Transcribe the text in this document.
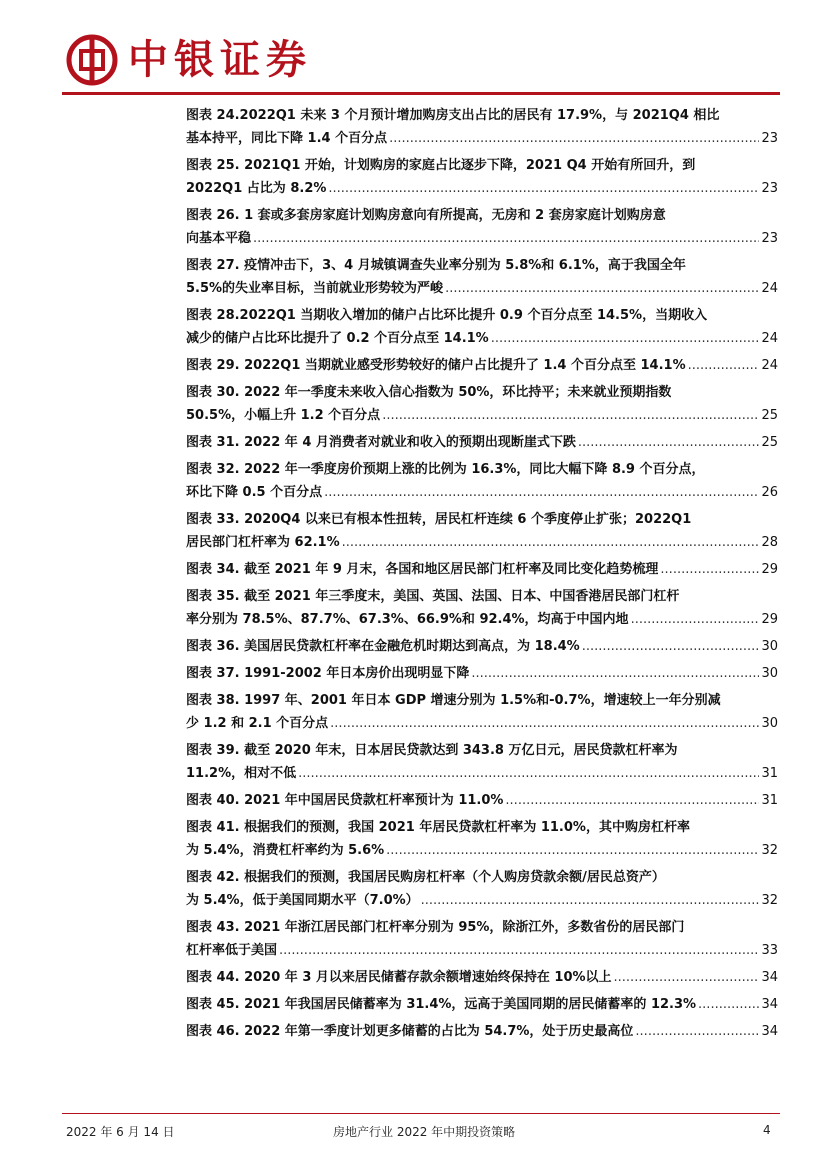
中银证券
图表 24.2022Q1 未来 3 个月预计增加购房支出占比的居民有 17.9%，与 2021Q4 相比
基本持平，同比下降 1.4 个百分点 .....	23
图表 25. 2021Q1 开始，计划购房的家庭占比逐步下降，2021 Q4 开始有所回升，到
2022Q1 占比为 8.2% .....	23
图表 26. 1 套或多套房家庭计划购房意向有所提高，无房和 2 套房家庭计划购房意
向基本平稳 .....	23
图表 27. 疫情冲击下，3、4 月城镇调查失业率分别为 5.8%和 6.1%，高于我国全年
5.5%的失业率目标，当前就业形势较为严峻 .....	24
图表 28.2022Q1 当期收入增加的储户占比环比提升 0.9 个百分点至 14.5%，当期收入
减少的储户占比环比提升了 0.2 个百分点至 14.1% .....	24
图表 29. 2022Q1 当期就业感受形势较好的储户占比提升了 1.4 个百分点至 14.1% .....	24
图表 30. 2022 年一季度未来收入信心指数为 50%，环比持平；未来就业预期指数
50.5%，小幅上升 1.2 个百分点 .....	25
图表 31. 2022 年 4 月消费者对就业和收入的预期出现断崖式下跌 .....	25
图表 32. 2022 年一季度房价预期上涨的比例为 16.3%，同比大幅下降 8.9 个百分点，
环比下降 0.5 个百分点 .....	26
图表 33. 2020Q4 以来已有根本性扭转，居民杠杆连续 6 个季度停止扩张；2022Q1
居民部门杠杆率为 62.1% .....	28
图表 34. 截至 2021 年 9 月末，各国和地区居民部门杠杆率及同比变化趋势梳理 .....	29
图表 35. 截至 2021 年三季度末，美国、英国、法国、日本、中国香港居民部门杠杆
率分别为 78.5%、87.7%、67.3%、66.9%和 92.4%，均高于中国内地 .....	29
图表 36. 美国居民贷款杠杆率在金融危机时期达到高点，为 18.4% .....	30
图表 37. 1991-2002 年日本房价出现明显下降 .....	30
图表 38. 1997 年、2001 年日本 GDP 增速分别为 1.5%和-0.7%，增速较上一年分别减
少 1.2 和 2.1 个百分点 .....	30
图表 39. 截至 2020 年末，日本居民贷款达到 343.8 万亿日元，居民贷款杠杆率为
11.2%，相对不低 .....	31
图表 40. 2021 年中国居民贷款杠杆率预计为 11.0% .....	31
图表 41. 根据我们的预测，我国 2021 年居民贷款杠杆率为 11.0%，其中购房杠杆率
为 5.4%，消费杠杆率约为 5.6% .....	32
图表 42. 根据我们的预测，我国居民购房杠杆率（个人购房贷款余额/居民总资产）
为 5.4%，低于美国同期水平（7.0%） .....	32
图表 43. 2021 年浙江居民部门杠杆率分别为 95%，除浙江外，多数省份的居民部门
杠杆率低于美国 .....	33
图表 44. 2020 年 3 月以来居民储蓄存款余额增速始终保持在 10%以上 .....	34
图表 45. 2021 年我国居民储蓄率为 31.4%，远高于美国同期的居民储蓄率的 12.3% .....	34
图表 46. 2022 年第一季度计划更多储蓄的占比为 54.7%，处于历史最高位 .....	34
2022 年 6 月 14 日	房地产行业 2022 年中期投资策略	4
